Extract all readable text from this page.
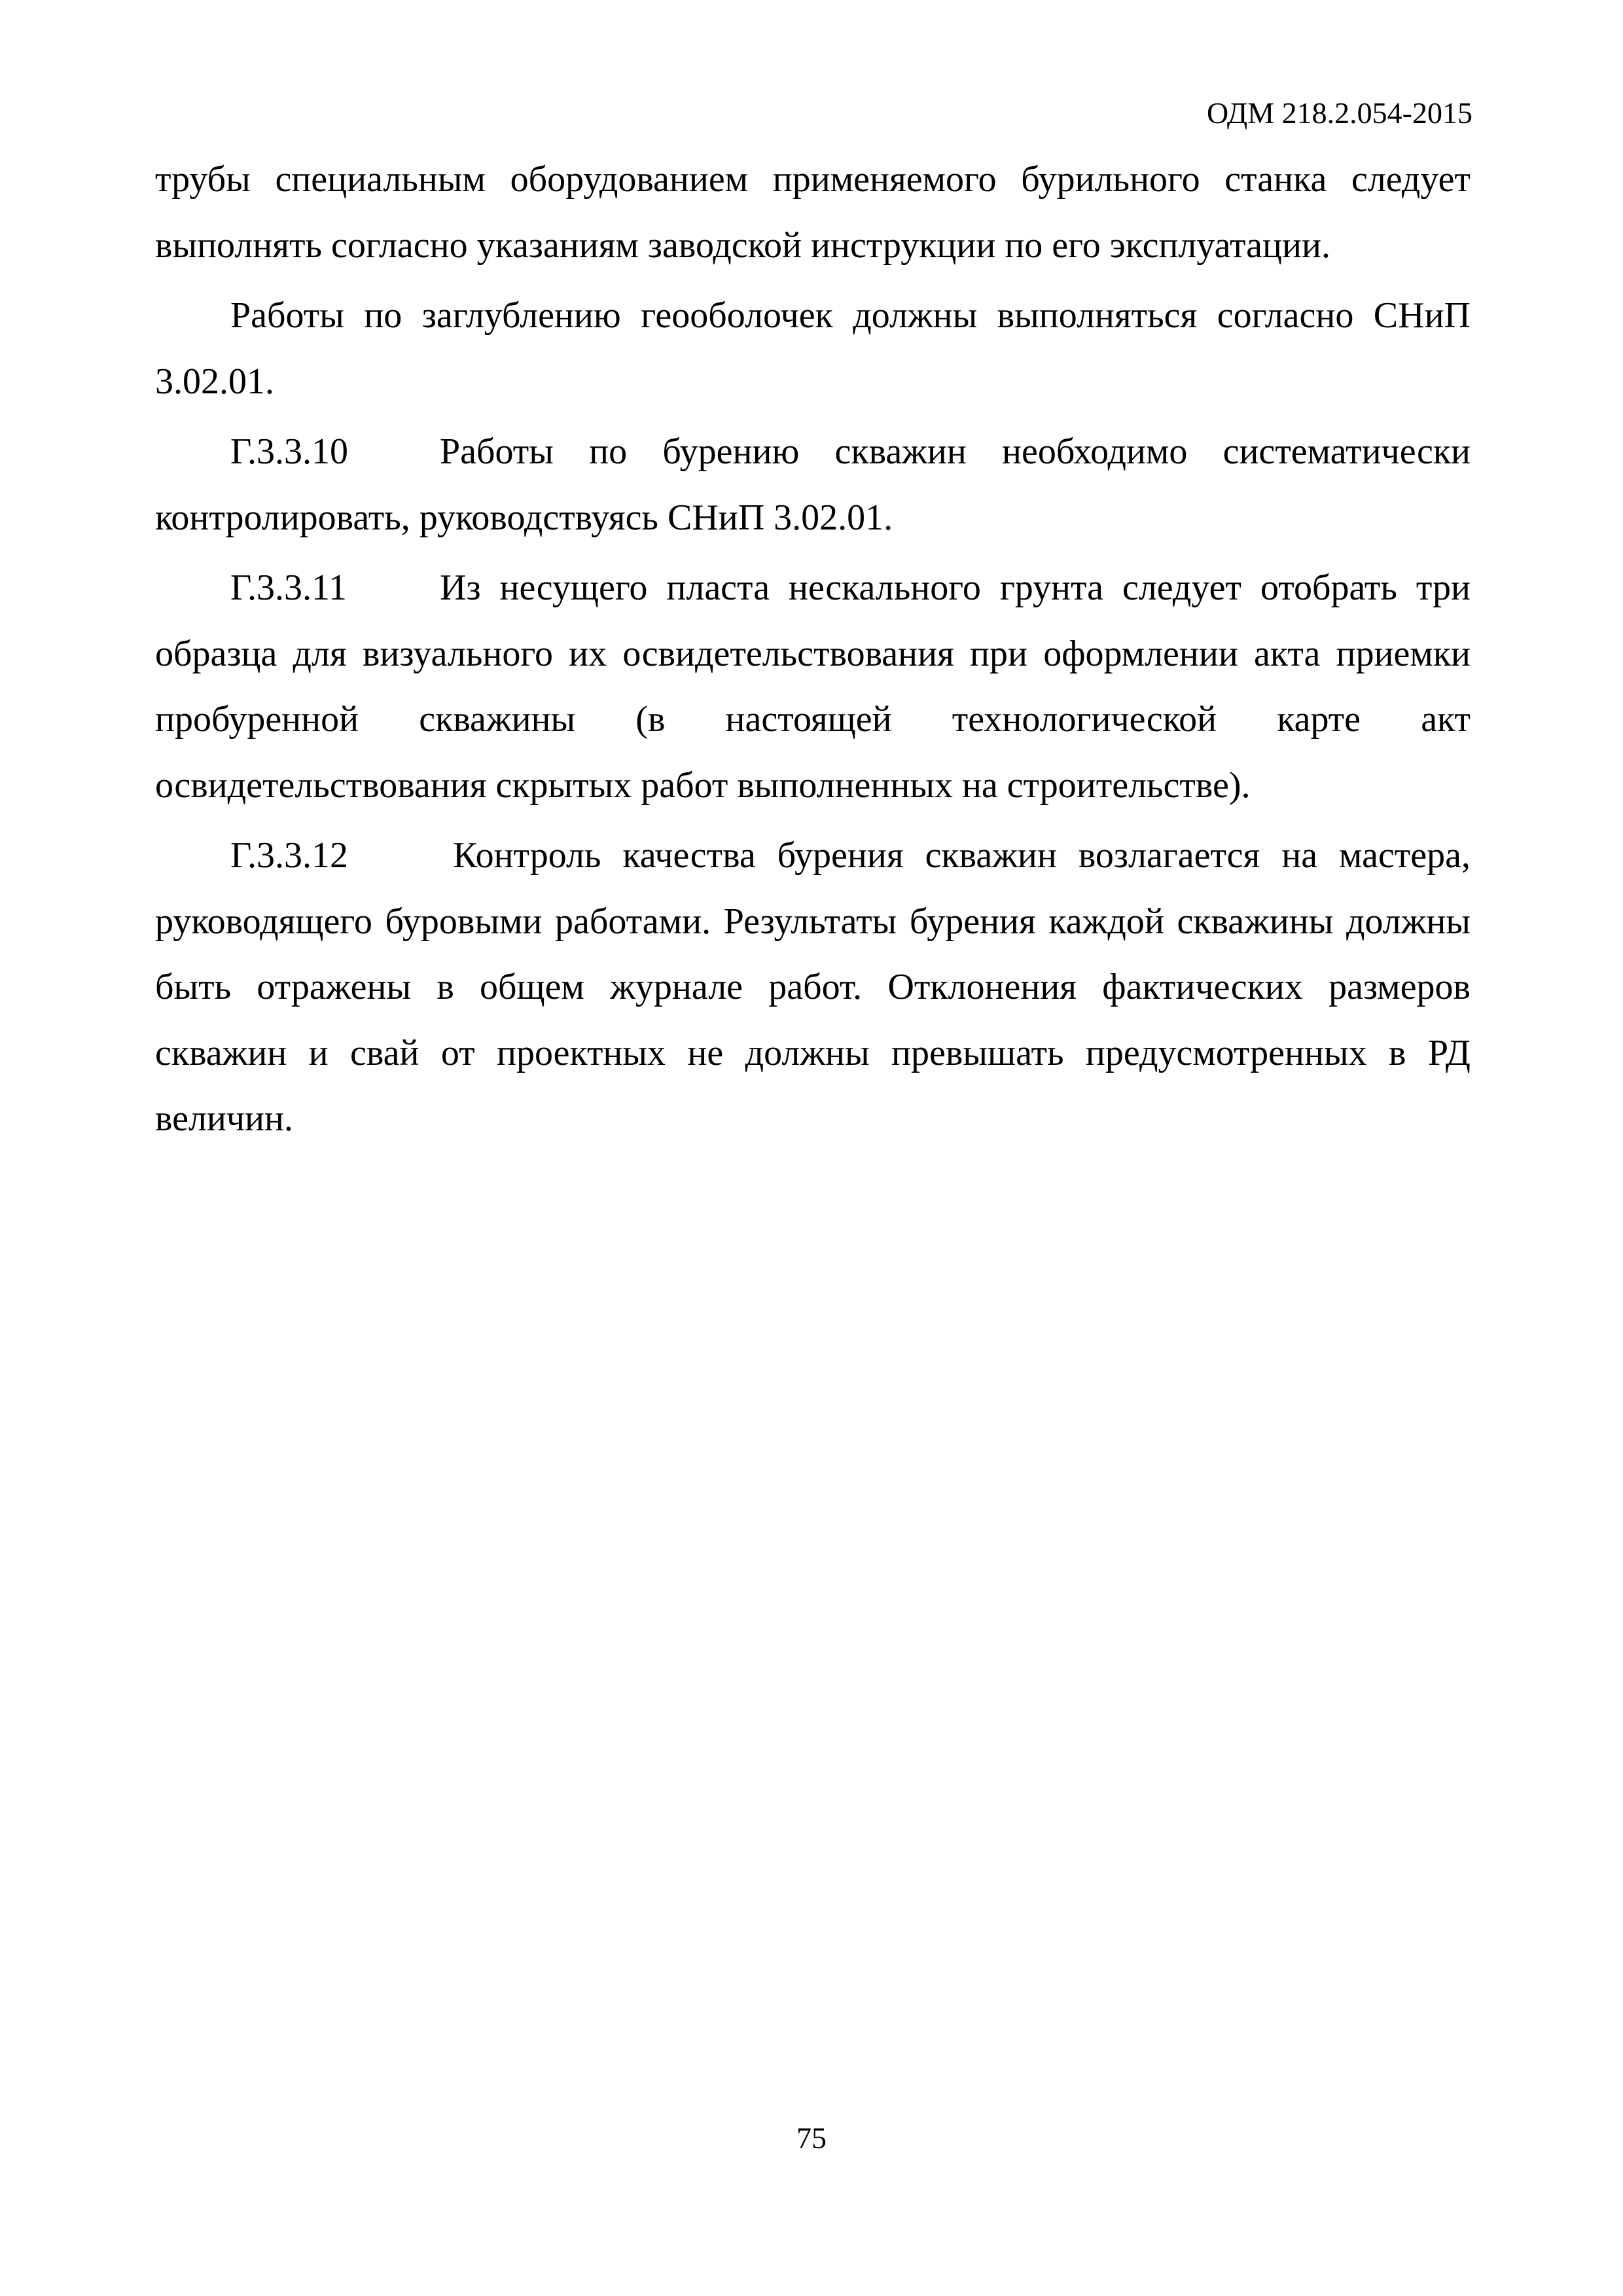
ОДМ 218.2.054-2015

трубы специальным оборудованием применяемого бурильного станка следует выполнять согласно указаниям заводской инструкции по его эксплуатации.

Работы по заглублению геооболочек должны выполняться согласно СНиП 3.02.01.

Г.3.3.10 Работы по бурению скважин необходимо систематически контролировать, руководствуясь СНиП 3.02.01.

Г.3.3.11	Из несущего пласта нескального грунта следует отобрать три образца для визуального их освидетельствования при оформлении акта приемки пробуренной скважины (в настоящей технологической карте акт освидетельствования скрытых работ выполненных на строительстве).

Г.3.3.12	Контроль качества бурения скважин возлагается на мастера, руководящего буровыми работами. Результаты бурения каждой скважины должны быть отражены в общем журнале работ. Отклонения фактических размеров скважин и свай от проектных не должны превышать предусмотренных в РД величин.

75
